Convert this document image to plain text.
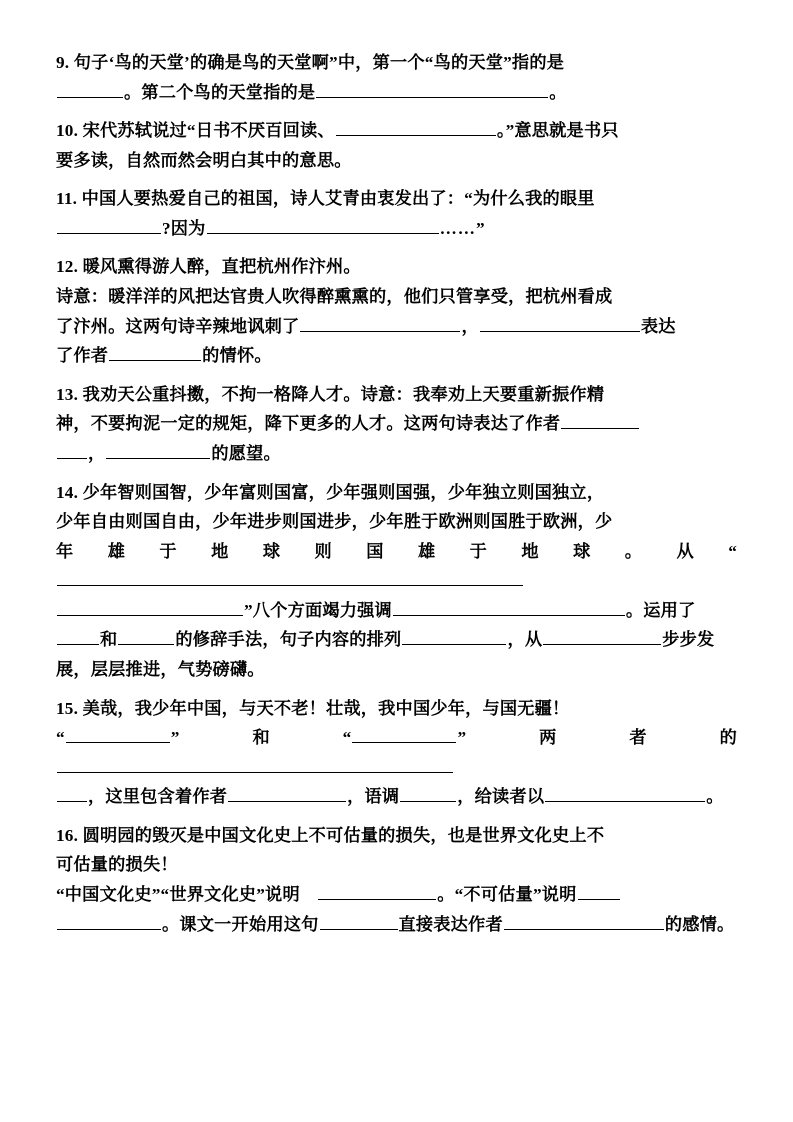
9. 句子‘鸟的天堂’的确是鸟的天堂啊”中，第一个“鸟的天堂”指的是
。第二个鸟的天堂指的是	。

10. 宋代苏轼说过“日书不厌百回读、	。”意思就是书只
要多读，自然而然会明白其中的意思。

11. 中国人要热爱自己的祖国，诗人艾青由衷发出了：“为什么我的眼里
?因为	……”

12. 暖风熏得游人醉，直把杭州作汴州。
诗意：暖洋洋的风把达官贵人吹得醉熏熏的，他们只管享受，把杭州看成
了汴州。这两句诗辛辣地讽刺了	，	表达
了作者	的情怀。

13. 我劝天公重抖擞，不拘一格降人才。诗意：我奉劝上天要重新振作精
神，不要拘泥一定的规矩，降下更多的人才。这两句诗表达了作者
，	的愿望。

14. 少年智则国智，少年富则国富，少年强则国强，少年独立则国独立，
少年自由则国自由，少年进步则国进步，少年胜于欧洲则国胜于欧洲，少
年雄于地球则国雄于地球。从“
”八个方面竭力强调	。运用了
和	的修辞手法，句子内容的排列	，从	步步发
展，层层推进，气势磅礴。

15. 美哉，我少年中国，与天不老！壮哉，我中国少年，与国无疆！
“	”和“	”两者的
，这里包含着作者	，语调	，给读者以	。

16. 圆明园的毁灭是中国文化史上不可估量的损失，也是世界文化史上不
可估量的损失！
“中国文化史”“世界文化史”说明　	。“不可估量”说明
。课文一开始用这句	直接表达作者	的感情。
